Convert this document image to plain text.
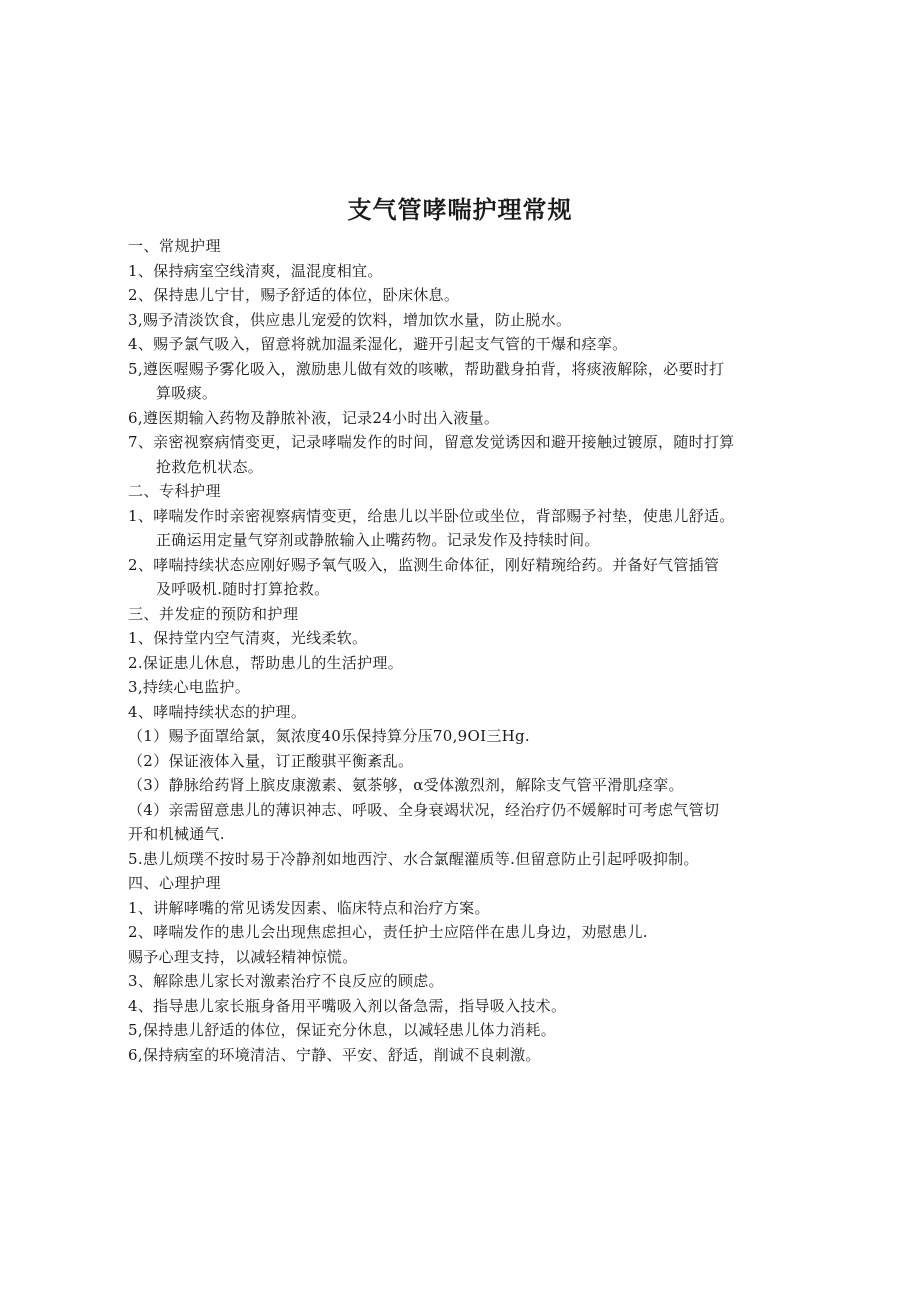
支气管哮喘护理常规
一、常规护理
1、保持病室空线清爽，温混度相宜。
2、保持患儿宁甘，赐予舒适的体位，卧床休息。
3,赐予清淡饮食，供应患儿宠爱的饮料，增加饮水量，防止脱水。
4、赐予氯气吸入，留意将就加温柔湿化，避开引起支气管的干爆和痉挛。
5,遵医喔赐予雾化吸入，激励患儿做有效的咳嗽，帮助戳身拍背，将痰液解除，必要时打
算吸痰。
6,遵医期输入药物及静脓补液，记录24小时出入液量。
7、亲密视察病情变更，记录哮喘发作的时间，留意发觉诱因和避开接触过镀原，随时打算
抢救危机状态。
二、专科护理
1、哮喘发作时亲密视察病情变更，给患儿以半卧位或坐位，背部赐予衬垫，使患儿舒适。
正确运用定量气穿剂或静脓输入止嘴药物。记录发作及持犊时间。
2、哮喘持续状态应刚好赐予氧气吸入，监测生命体征，刚好精琬给药。并备好气管插管
及呼吸机.随时打算抢救。
三、并发症的预防和护理
1、保持堂内空气清爽，光线柔软。
2.保证患儿休息，帮助患儿的生活护理。
3,持续心电监护。
4、哮喘持续状态的护理。
（1）赐予面罩给氯，氮浓度40乐保持算分压70,9OI三Hg.
（2）保证液体入量，订正酸骐平衡紊乱。
（3）静脉给药肾上膑皮康激素、氨茶够，α受体激烈剂，解除支气管平滑肌痉挛。
（4）亲需留意患儿的薄识神志、呼吸、全身衰竭状况，经治疗仍不媛解时可考虑气管切
开和机械通气.
5.患儿烦璞不按时易于冷静剂如地西泞、水合氯醒灌质等.但留意防止引起呼吸抑制。
四、心理护理
1、讲解哮嘴的常见诱发因素、临床特点和治疗方案。
2、哮喘发作的患儿会出现焦虑担心，责任护士应陪伴在患儿身边，劝慰患儿.
赐予心理支持，以减轻精神惊慌。
3、解除患儿家长对激素治疗不良反应的顾虑。
4、指导患儿家长瓶身备用平嘴吸入剂以备急需，指导吸入技术。
5,保持患儿舒适的体位，保证充分休息，以减轻患儿体力消耗。
6,保持病室的环境清洁、宁静、平安、舒适，削诚不良刺激。
